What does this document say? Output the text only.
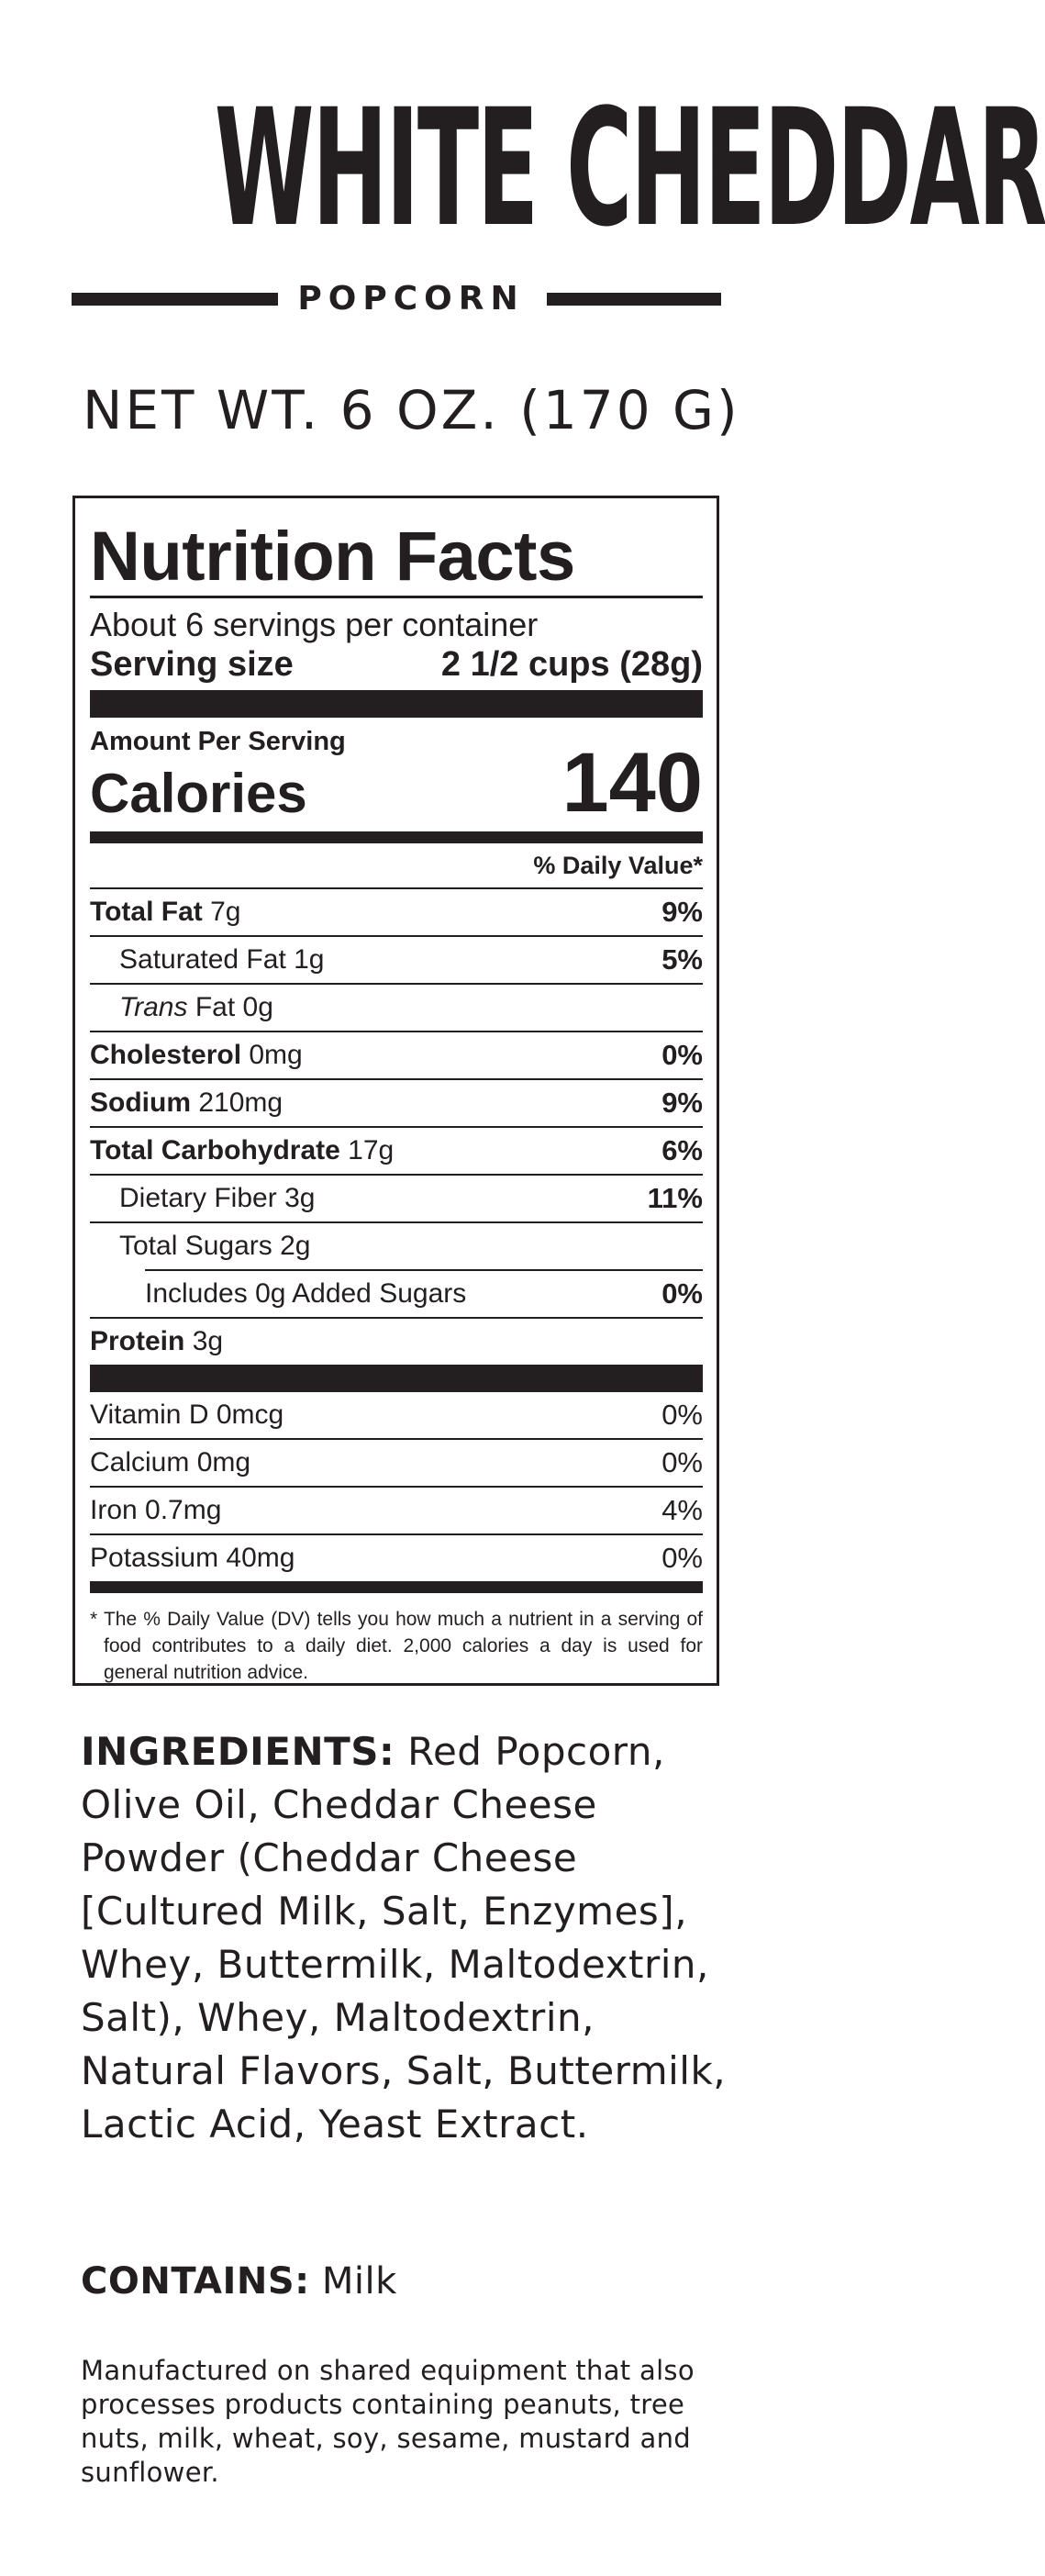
WHITE CHEDDAR
POPCORN
NET WT. 6 OZ. (170 G)
Nutrition Facts
About 6 servings per container
Serving size	2 1/2 cups (28g)
Amount Per Serving
Calories	140
% Daily Value*
Total Fat 7g	9%
Saturated Fat 1g	5%
Trans Fat 0g
Cholesterol 0mg	0%
Sodium 210mg	9%
Total Carbohydrate 17g	6%
Dietary Fiber 3g	11%
Total Sugars 2g
Includes 0g Added Sugars	0%
Protein 3g
Vitamin D 0mcg	0%
Calcium 0mg	0%
Iron 0.7mg	4%
Potassium 40mg	0%
* The % Daily Value (DV) tells you how much a nutrient in a serving of food contributes to a daily diet. 2,000 calories a day is used for general nutrition advice.
INGREDIENTS: Red Popcorn, Olive Oil, Cheddar Cheese Powder (Cheddar Cheese [Cultured Milk, Salt, Enzymes], Whey, Buttermilk, Maltodextrin, Salt), Whey, Maltodextrin, Natural Flavors, Salt, Buttermilk, Lactic Acid, Yeast Extract.
CONTAINS: Milk
Manufactured on shared equipment that also processes products containing peanuts, tree nuts, milk, wheat, soy, sesame, mustard and sunflower.
